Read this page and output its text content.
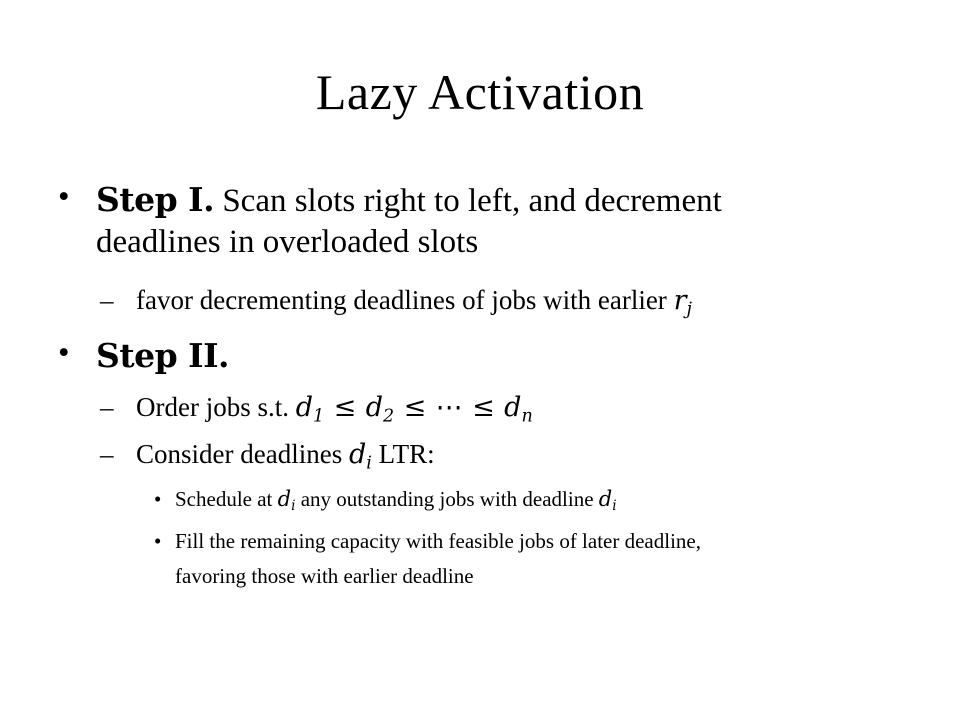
Lazy Activation
• Step I. Scan slots right to left, and decrement
deadlines in overloaded slots
– favor decrementing deadlines of jobs with earlier $r_j$
• Step II.
– Order jobs s.t. $d_1 \le d_2$ ≤ ⋯ ≤ $d_n$
– Consider deadlines $d_i$ LTR:
• Schedule at $d_i$ any outstanding jobs with deadline $d_i$
• Fill the remaining capacity with feasible jobs of later deadline,
favoring those with earlier deadline
